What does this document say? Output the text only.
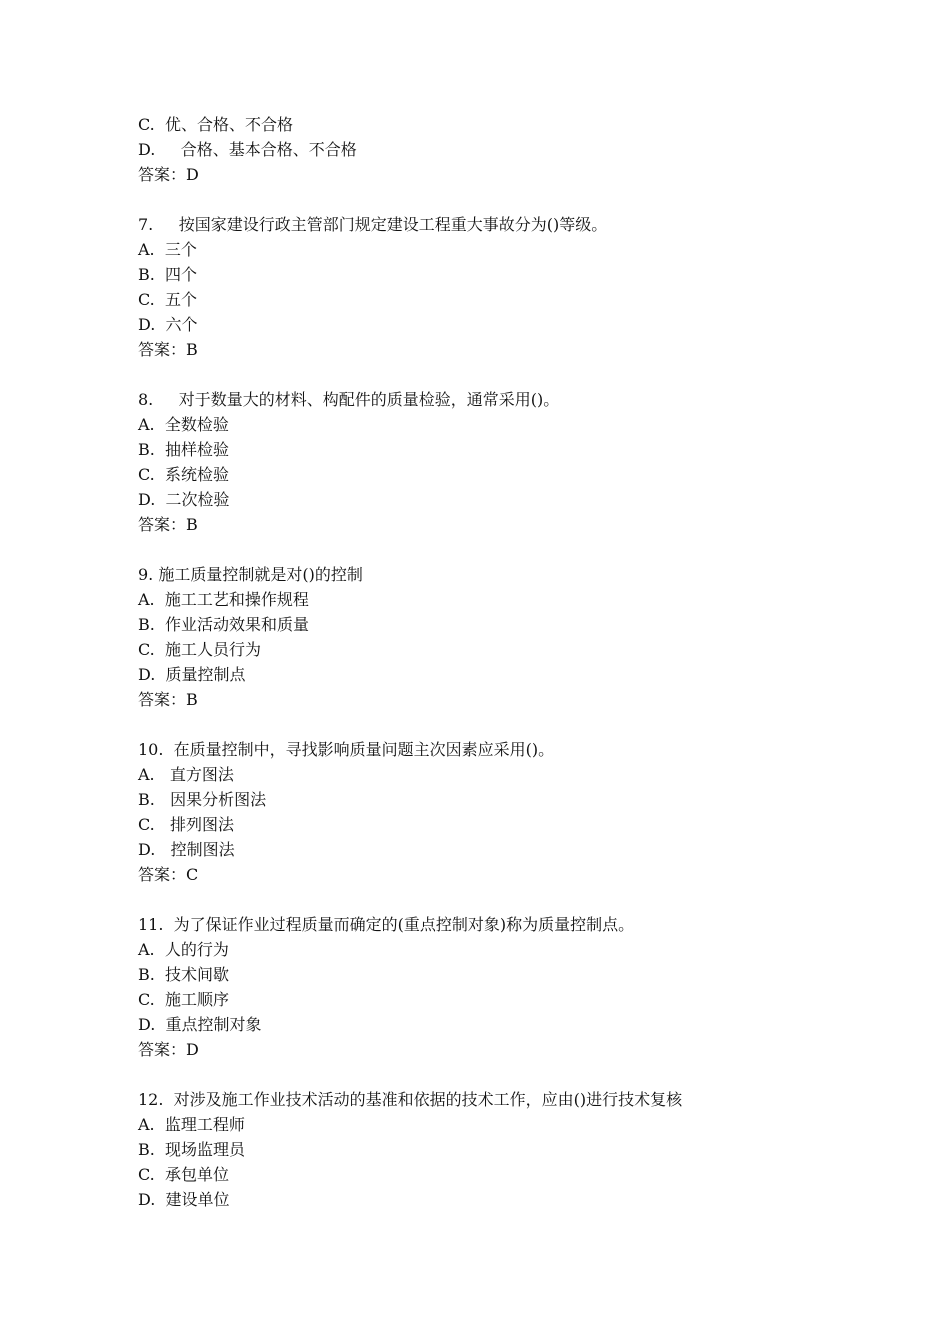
C. 优、合格、不合格
D. 合格、基本合格、不合格
答案：D
7. 按国家建设行政主管部门规定建设工程重大事故分为()等级。
A. 三个
B. 四个
C. 五个
D. 六个
答案：B
8. 对于数量大的材料、构配件的质量检验，通常采用()。
A. 全数检验
B. 抽样检验
C. 系统检验
D. 二次检验
答案：B
9. 施工质量控制就是对()的控制
A. 施工工艺和操作规程
B. 作业活动效果和质量
C. 施工人员行为
D. 质量控制点
答案：B
10. 在质量控制中，寻找影响质量问题主次因素应采用()。
A. 直方图法
B. 因果分析图法
C. 排列图法
D. 控制图法
答案：C
11. 为了保证作业过程质量而确定的(重点控制对象)称为质量控制点。
A. 人的行为
B. 技术间歇
C. 施工顺序
D. 重点控制对象
答案：D
12. 对涉及施工作业技术活动的基准和依据的技术工作，应由()进行技术复核
A. 监理工程师
B. 现场监理员
C. 承包单位
D. 建设单位
